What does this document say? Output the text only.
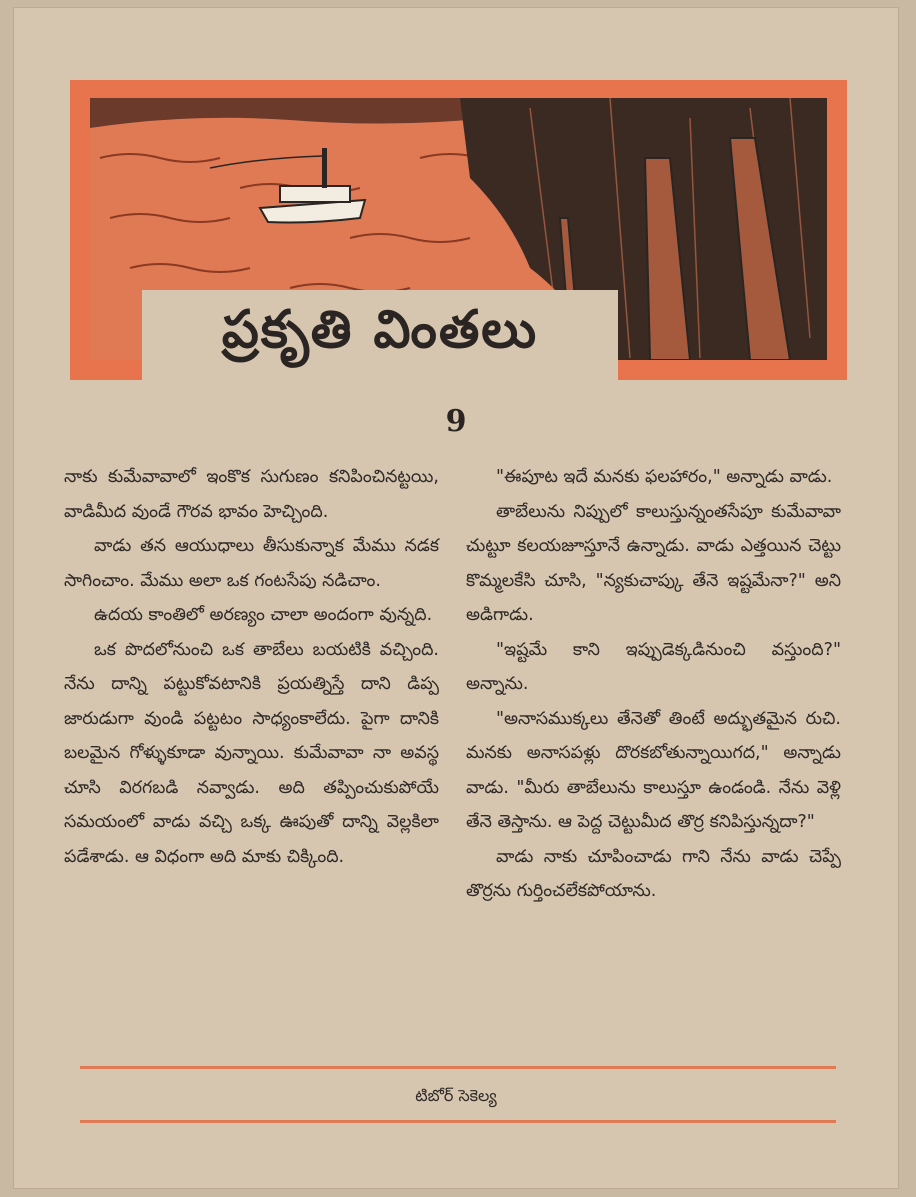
ప్రకృతి వింతలు
9

నాకు కుమేవావాలో ఇంకొక సుగుణం కనిపించినట్టయి, వాడిమీద వుండే గౌరవ భావం హెచ్చింది.

వాడు తన ఆయుధాలు తీసుకున్నాక మేము నడక సాగించాం. మేము అలా ఒక గంటసేపు నడిచాం.

ఉదయ కాంతిలో అరణ్యం చాలా అందంగా వున్నది.

ఒక పొదలోనుంచి ఒక తాబేలు బయటికి వచ్చింది. నేను దాన్ని పట్టుకోవటానికి ప్రయత్నిస్తే దాని డిప్ప జారుడుగా వుండి పట్టటం సాధ్యంకాలేదు. పైగా దానికి బలమైన గోళ్ళుకూడా వున్నాయి. కుమేవావా నా అవస్థ చూసి విరగబడి నవ్వాడు. అది తప్పించుకుపోయే సమయంలో వాడు వచ్చి ఒక్క ఊపుతో దాన్ని వెల్లకిలా పడేశాడు. ఆ విధంగా అది మాకు చిక్కింది.

"ఈపూట ఇదే మనకు ఫలహారం," అన్నాడు వాడు.

తాబేలును నిప్పులో కాలుస్తున్నంతసేపూ కుమేవావా చుట్టూ కలయజూస్తూనే ఉన్నాడు. వాడు ఎత్తయిన చెట్టు కొమ్మలకేసి చూసి, "న్యకుచాప్కు తేనె ఇష్టమేనా?" అని అడిగాడు.

"ఇష్టమే కాని ఇప్పుడెక్కడినుంచి వస్తుంది?" అన్నాను.

"అనాసముక్కలు తేనెతో తింటే అద్భుతమైన రుచి. మనకు అనాసపళ్లు దొరకబోతున్నాయిగద," అన్నాడు వాడు. "మీరు తాబేలును కాలుస్తూ ఉండండి. నేను వెళ్లి తేనె తెస్తాను. ఆ పెద్ద చెట్టుమీద తొర్ర కనిపిస్తున్నదా?"

వాడు నాకు చూపించాడు గాని నేను వాడు చెప్పే తొర్రను గుర్తించలేకపోయాను.

టిబోర్ సెకెల్య
